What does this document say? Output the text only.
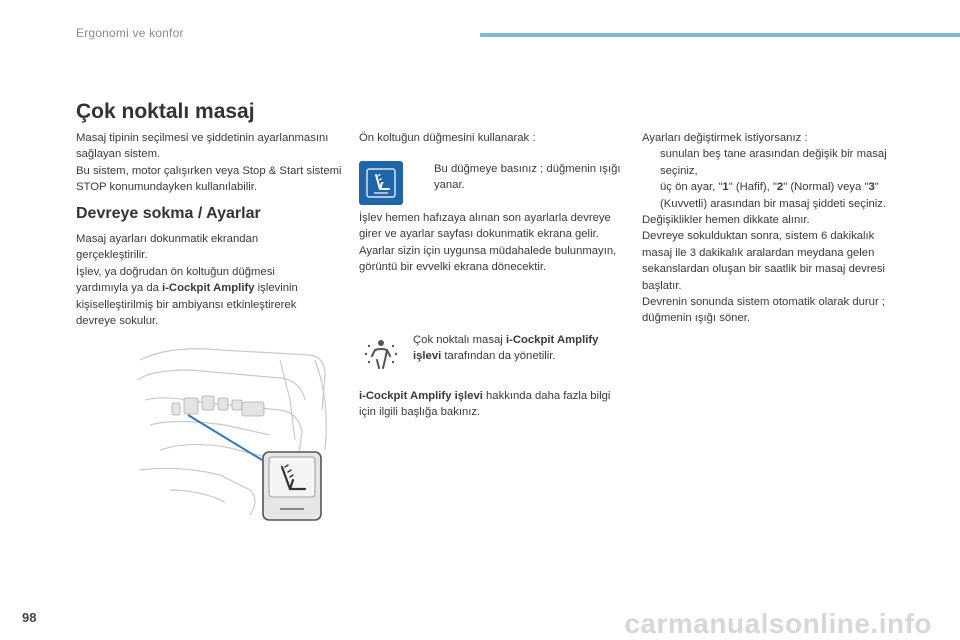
Ergonomi ve konfor
Çok noktalı masaj

Masaj tipinin seçilmesi ve şiddetinin ayarlanmasını sağlayan sistem.

Bu sistem, motor çalışırken veya Stop & Start sistemi STOP konumundayken kullanılabilir.

Devreye sokma / Ayarlar

Masaj ayarları dokunmatik ekrandan gerçekleştirilir.

İşlev, ya doğrudan ön koltuğun düğmesi yardımıyla ya da i-Cockpit Amplify işlevinin kişiselleştirilmiş bir ambiyansı etkinleştirerek devreye sokulur.

Ön koltuğun düğmesini kullanarak :
Bu düğmeye basınız ; düğmenin ışığı yanar.

İşlev hemen hafızaya alınan son ayarlarla devreye girer ve ayarlar sayfası dokunmatik ekrana gelir.

Ayarlar sizin için uygunsa müdahalede bulunmayın, görüntü bir evvelki ekrana dönecektir.

Çok noktalı masaj i-Cockpit Amplify işlevi tarafından da yönetilir.
i-Cockpit Amplify işlevi hakkında daha fazla bilgi için ilgili başlığa bakınız.

Ayarları değiştirmek istiyorsanız :

sunulan beş tane arasından değişik bir masaj seçiniz,
üç ön ayar, "1" (Hafif), "2" (Normal) veya "3" (Kuvvetli) arasından bir masaj şiddeti seçiniz.

Değişiklikler hemen dikkate alınır.

Devreye sokulduktan sonra, sistem 6 dakikalık masaj ile 3 dakikalık aralardan meydana gelen sekanslardan oluşan bir saatlik bir masaj devresi başlatır.

Devrenin sonunda sistem otomatik olarak durur ; düğmenin ışığı söner.

98	carmanualsonline.info
